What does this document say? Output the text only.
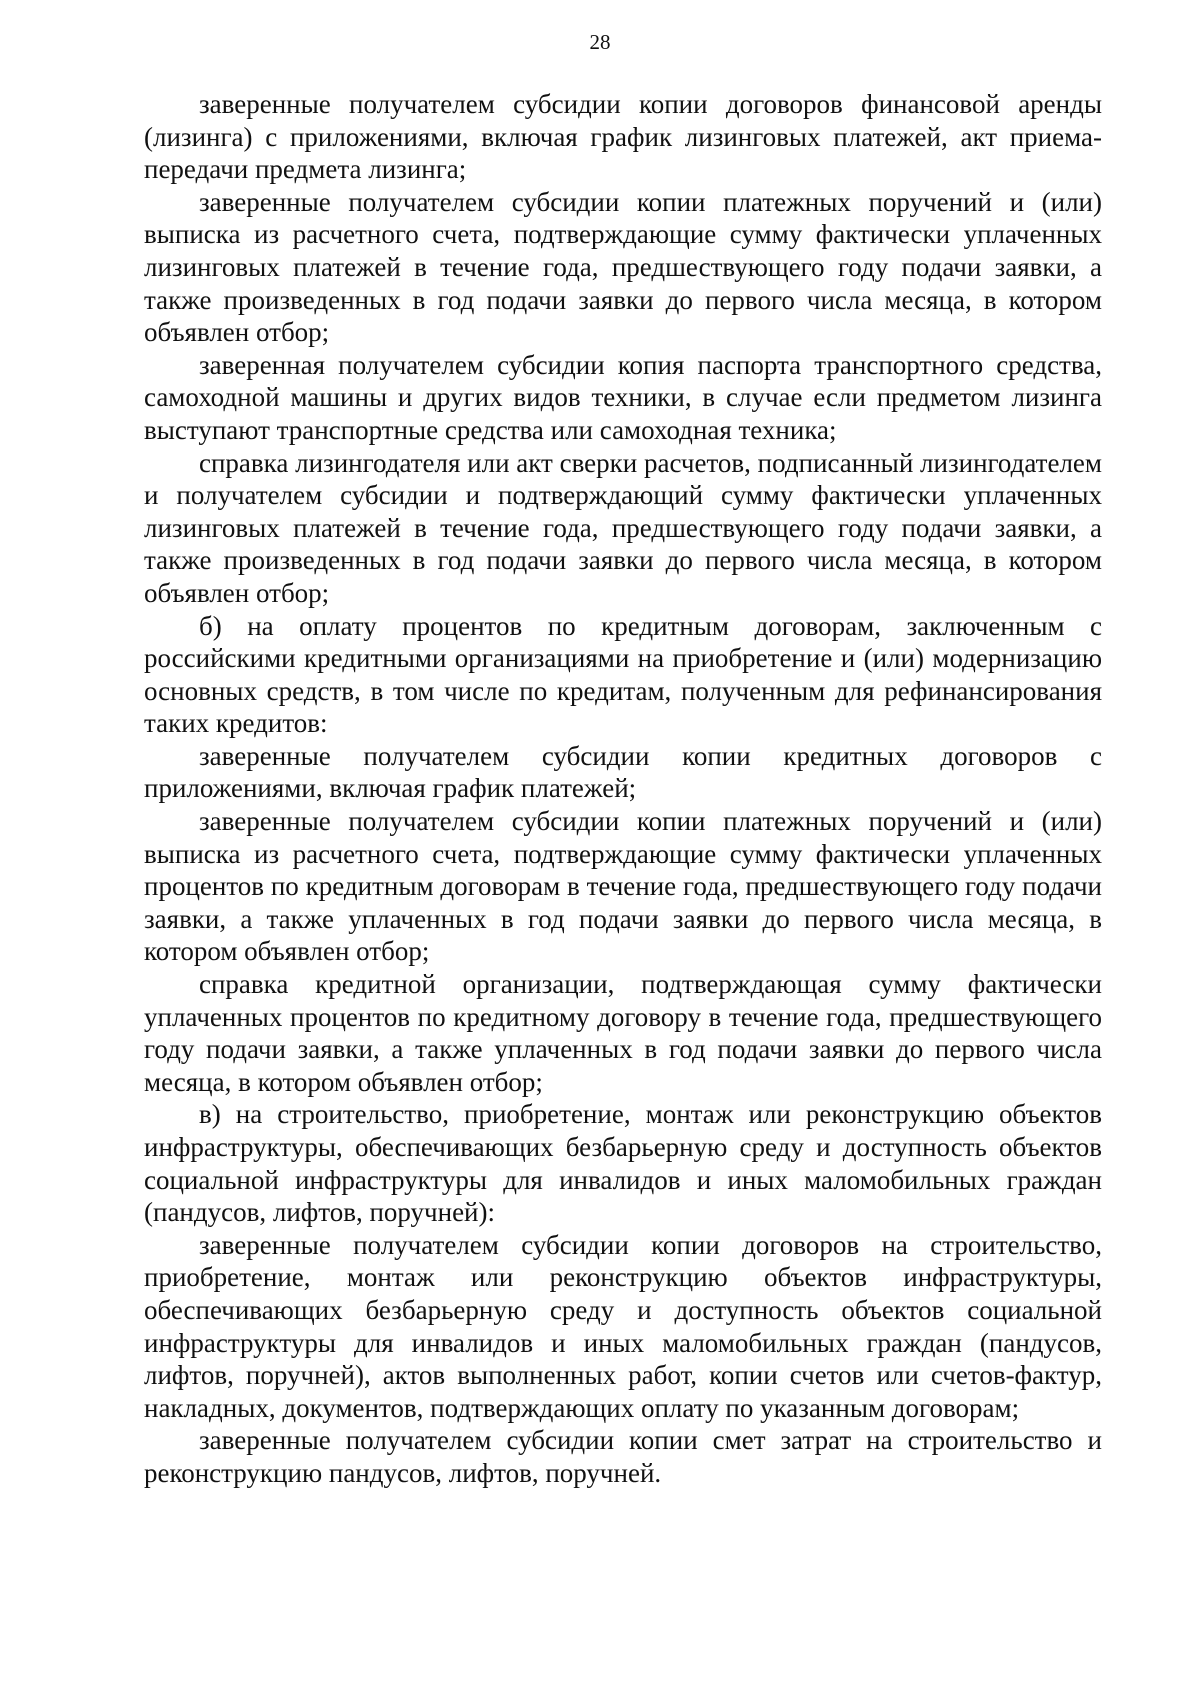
28

заверенные получателем субсидии копии договоров финансовой аренды (лизинга) с приложениями, включая график лизинговых платежей, акт приема-передачи предмета лизинга;

заверенные получателем субсидии копии платежных поручений и (или) выписка из расчетного счета, подтверждающие сумму фактически уплаченных лизинговых платежей в течение года, предшествующего году подачи заявки, а также произведенных в год подачи заявки до первого числа месяца, в котором объявлен отбор;

заверенная получателем субсидии копия паспорта транспортного средства, самоходной машины и других видов техники, в случае если предметом лизинга выступают транспортные средства или самоходная техника;

справка лизингодателя или акт сверки расчетов, подписанный лизингодателем и получателем субсидии и подтверждающий сумму фактически уплаченных лизинговых платежей в течение года, предшествующего году подачи заявки, а также произведенных в год подачи заявки до первого числа месяца, в котором объявлен отбор;

б) на оплату процентов по кредитным договорам, заключенным с российскими кредитными организациями на приобретение и (или) модернизацию основных средств, в том числе по кредитам, полученным для рефинансирования таких кредитов:

заверенные получателем субсидии копии кредитных договоров с приложениями, включая график платежей;

заверенные получателем субсидии копии платежных поручений и (или) выписка из расчетного счета, подтверждающие сумму фактически уплаченных процентов по кредитным договорам в течение года, предшествующего году подачи заявки, а также уплаченных в год подачи заявки до первого числа месяца, в котором объявлен отбор;

справка кредитной организации, подтверждающая сумму фактически уплаченных процентов по кредитному договору в течение года, предшествующего году подачи заявки, а также уплаченных в год подачи заявки до первого числа месяца, в котором объявлен отбор;

в) на строительство, приобретение, монтаж или реконструкцию объектов инфраструктуры, обеспечивающих безбарьерную среду и доступность объектов социальной инфраструктуры для инвалидов и иных маломобильных граждан (пандусов, лифтов, поручней):

заверенные получателем субсидии копии договоров на строительство, приобретение, монтаж или реконструкцию объектов инфраструктуры, обеспечивающих безбарьерную среду и доступность объектов социальной инфраструктуры для инвалидов и иных маломобильных граждан (пандусов, лифтов, поручней), актов выполненных работ, копии счетов или счетов-фактур, накладных, документов, подтверждающих оплату по указанным договорам;

заверенные получателем субсидии копии смет затрат на строительство и реконструкцию пандусов, лифтов, поручней.
